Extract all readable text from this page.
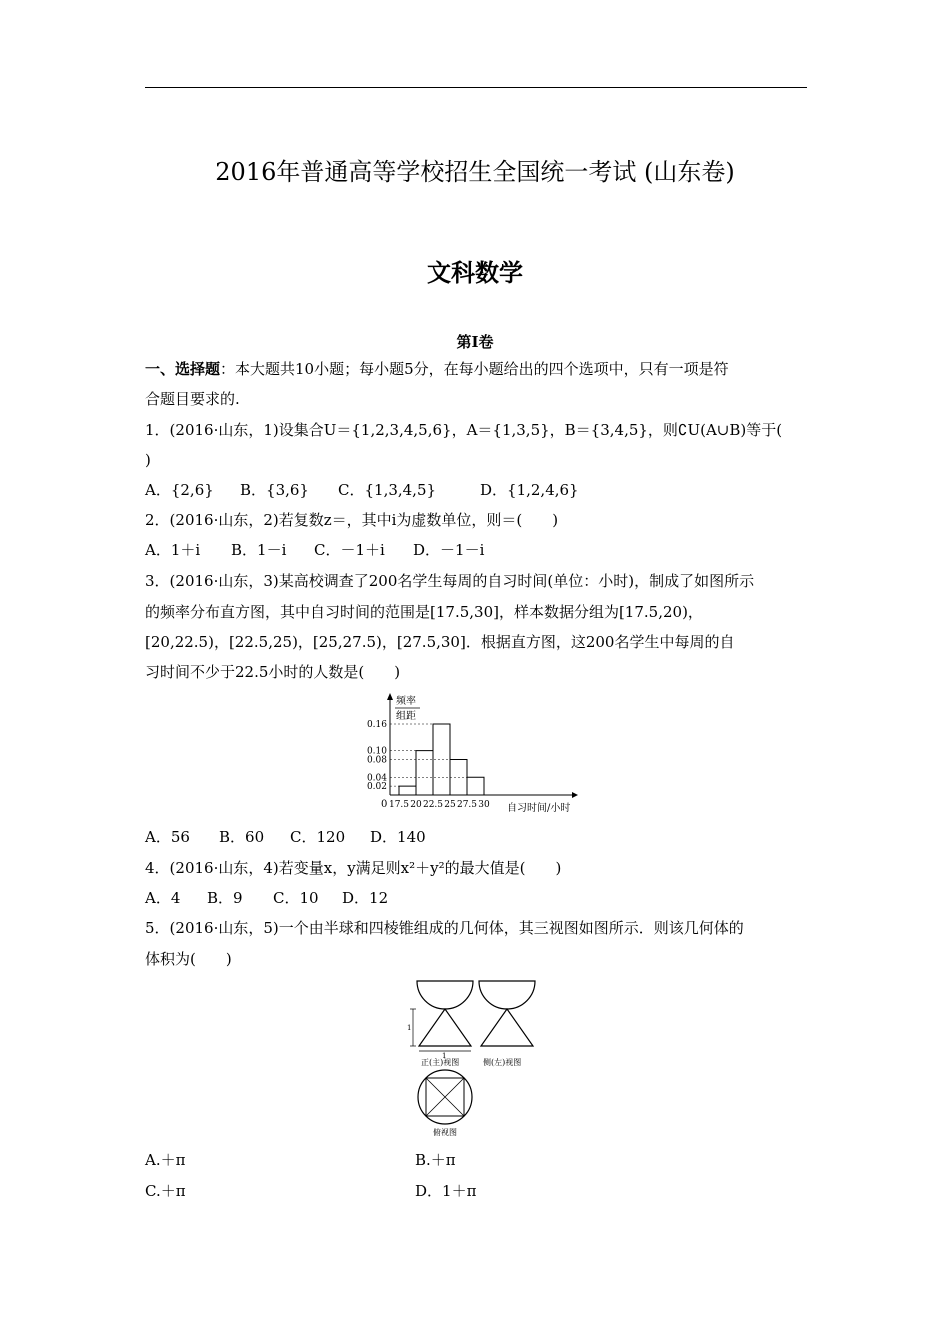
2016年普通高等学校招生全国统一考试 (山东卷)
文科数学
第Ⅰ卷
一、选择题：本大题共10小题；每小题5分，在每小题给出的四个选项中，只有一项是符
合题目要求的.
1．(2016·山东，1)设集合U＝{1,2,3,4,5,6}，A＝{1,3,5}，B＝{3,4,5}，则∁U(A∪B)等于(
)
A．{2,6} B．{3,6} C．{1,3,4,5}	D．{1,2,4,6}
2．(2016·山东，2)若复数z＝，其中i为虚数单位，则＝(　　)
A．1＋i B．1－i C．－1＋i D．－1－i
3．(2016·山东，3)某高校调查了200名学生每周的自习时间(单位：小时)，制成了如图所示
的频率分布直方图，其中自习时间的范围是[17.5,30]，样本数据分组为[17.5,20)，
[20,22.5)，[22.5,25)，[25,27.5)，[27.5,30]．根据直方图，这200名学生中每周的自
习时间不少于22.5小时的人数是(　　)
0.02
0.04
0.08
0.10
0.16
17.5 20 22.5 25 27.5 30
频率
组距
自习时间/小时
0
A．56 B．60 C．120 D．140
4．(2016·山东，4)若变量x，y满足则x²＋y²的最大值是(　　)
A．4 B．9 C．10 D．12
5．(2016·山东，5)一个由半球和四棱锥组成的几何体，其三视图如图所示．则该几何体的
体积为(　　)
1
1
正(主)视图	侧(左)视图
俯视图
A.＋π	B.＋π
C.＋π	D．1＋π
